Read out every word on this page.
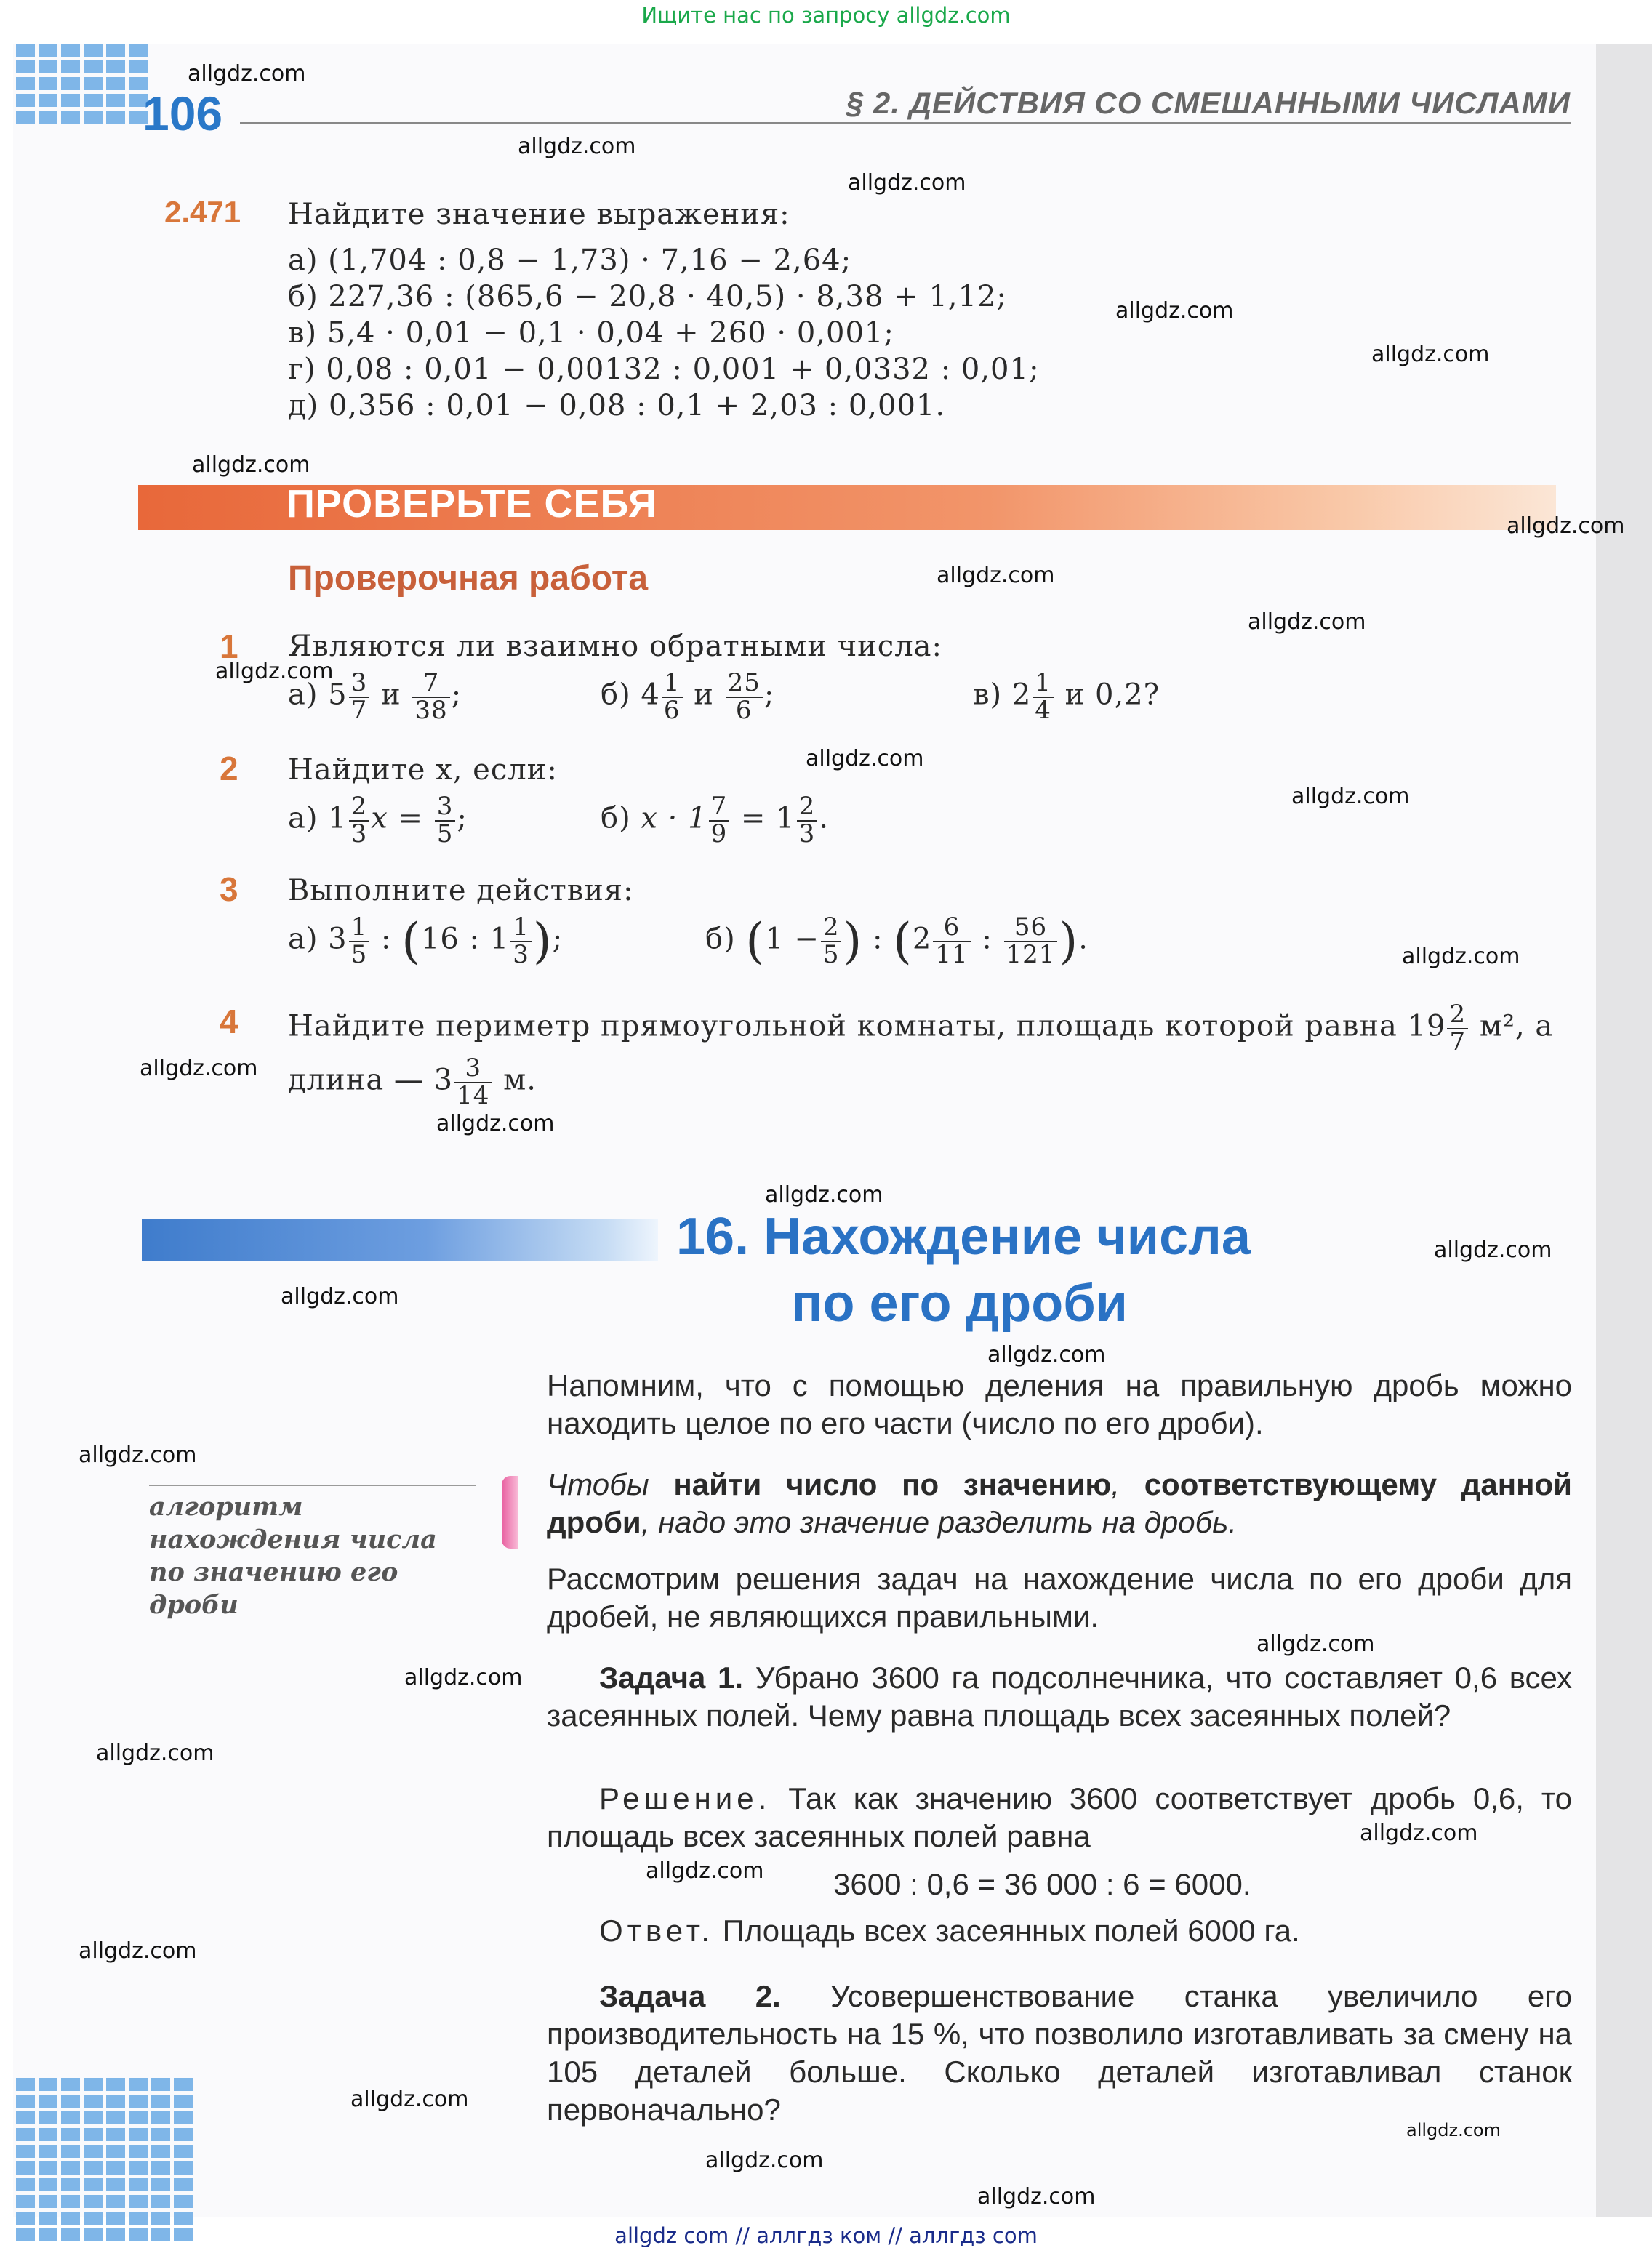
Ищите нас по запросу allgdz.com
106	§ 2. ДЕЙСТВИЯ СО СМЕШАННЫМИ ЧИСЛАМИ
2.471 Найдите значение выражения:
а) (1,704 : 0,8 − 1,73) · 7,16 − 2,64;
б) 227,36 : (865,6 − 20,8 · 40,5) · 8,38 + 1,12;
в) 5,4 · 0,01 − 0,1 · 0,04 + 260 · 0,001;
г) 0,08 : 0,01 − 0,00132 : 0,001 + 0,0332 : 0,01;
д) 0,356 : 0,01 − 0,08 : 0,1 + 2,03 : 0,001.
ПРОВЕРЬТЕ СЕБЯ
Проверочная работа
1 Являются ли взаимно обратными числа:
а) $5 \frac{3}{7}$ и $\frac{7}{38}$ ;	б) $4 \frac{1}{6}$ и $\frac{25}{6}$ ;	в) $2 \frac{1}{4}$ и 0,2?
2 Найдите x, если:
а) $1 \frac{2}{3}$ $x = \frac{3}{5}$ ;	б) $x \cdot 1 \frac{7}{9} = 1 \frac{2}{3}$ .
3 Выполните действия:
а) $3 \frac{1}{5}$ : (16 : $1 \frac{1}{3}$ );	б) ($1 - \frac{2}{5}$ ) : ($2 \frac{6}{11}$ : $\frac{56}{121}$ ).
4 Найдите периметр прямоугольной комнаты, площадь которой равна $19 \frac{2}{7} м^2$, а
длина — $3 \frac{3}{14} м$.
16. Нахождение числа
по его дроби
Напомним, что с помощью деления на правильную дробь можно находить целое по его части (число по его дроби).
алгоритм нахождения числа по значению его дроби
Чтобы найти число по значению, соответствующему данной дроби, надо это значение разделить на дробь.
Рассмотрим решения задач на нахождение числа по его дроби для дробей, не являющихся правильными.
Задача 1. Убрано 3600 га подсолнечника, что составляет 0,6 всех засеянных полей. Чему равна площадь всех засеянных полей?
Решение. Так как значению 3600 соответствует дробь 0,6, то площадь всех засеянных полей равна
3600 : 0,6 = 36 000 : 6 = 6000.
Ответ. Площадь всех засеянных полей 6000 га.
Задача 2. Усовершенствование станка увеличило его производительность на 15 %, что позволило изготавливать за смену на 105 деталей больше. Сколько деталей изготавливал станок первоначально?
allgdz.com
allgdz.com
allgdz.com
allgdz.com
allgdz.com
allgdz.com
allgdz.com
allgdz.com
allgdz.com
allgdz.com
allgdz.com
allgdz.com
allgdz.com
allgdz.com
allgdz.com
allgdz.com
allgdz.com
allgdz.com
allgdz.com
allgdz.com
allgdz.com
allgdz.com
allgdz.com
allgdz.com
allgdz.com
allgdz.com
allgdz.com
allgdz.com
allgdz.com
allgdz.com
allgdz com // аллгдз ком // аллгдз com
